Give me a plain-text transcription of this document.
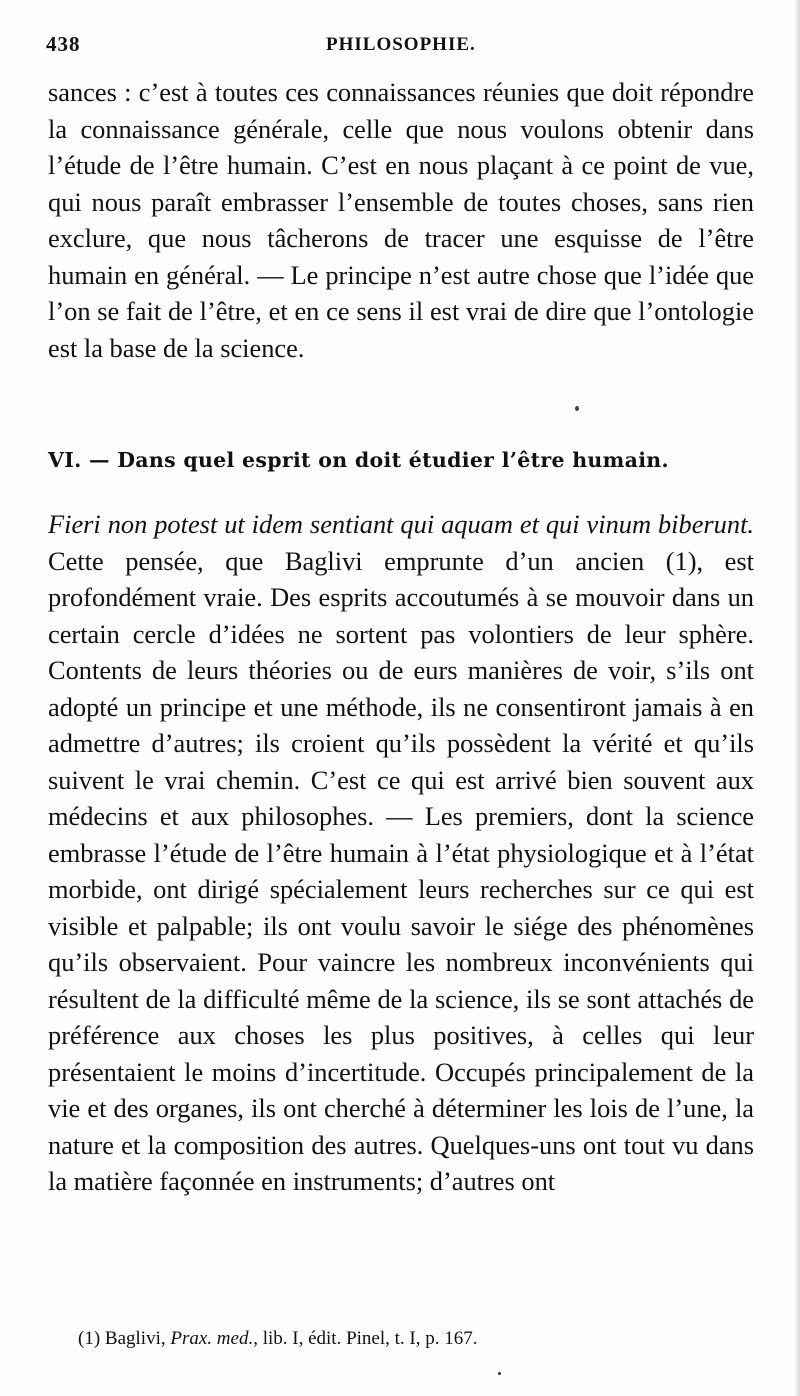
438	PHILOSOPHIE.

sances : c’est à toutes ces connaissances réunies que doit répondre la connaissance générale, celle que nous voulons obtenir dans l’étude de l’être humain. C’est en nous plaçant à ce point de vue, qui nous paraît embrasser l’ensemble de toutes choses, sans rien exclure, que nous tâcherons de tracer une esquisse de l’être humain en général. — Le principe n’est autre chose que l’idée que l’on se fait de l’être, et en ce sens il est vrai de dire que l’ontologie est la base de la science.

VI. — Dans quel esprit on doit étudier l’être humain.

Fieri non potest ut idem sentiant qui aquam et qui vinum biberunt. Cette pensée, que Baglivi emprunte d’un ancien (1), est profondément vraie. Des esprits accoutumés à se mouvoir dans un certain cercle d’idées ne sortent pas volontiers de leur sphère. Contents de leurs théories ou de eurs manières de voir, s’ils ont adopté un principe et une méthode, ils ne consentiront jamais à en admettre d’autres; ils croient qu’ils possèdent la vérité et qu’ils suivent le vrai chemin. C’est ce qui est arrivé bien souvent aux médecins et aux philosophes. — Les premiers, dont la science embrasse l’étude de l’être humain à l’état physiologique et à l’état morbide, ont dirigé spécialement leurs recherches sur ce qui est visible et palpable; ils ont voulu savoir le siége des phénomènes qu’ils observaient. Pour vaincre les nombreux inconvénients qui résultent de la difficulté même de la science, ils se sont attachés de préférence aux choses les plus positives, à celles qui leur présentaient le moins d’incertitude. Occupés principalement de la vie et des organes, ils ont cherché à déterminer les lois de l’une, la nature et la composition des autres. Quelques-uns ont tout vu dans la matière façonnée en instruments; d’autres ont

(1) Baglivi, Prax. med., lib. I, édit. Pinel, t. I, p. 167.
